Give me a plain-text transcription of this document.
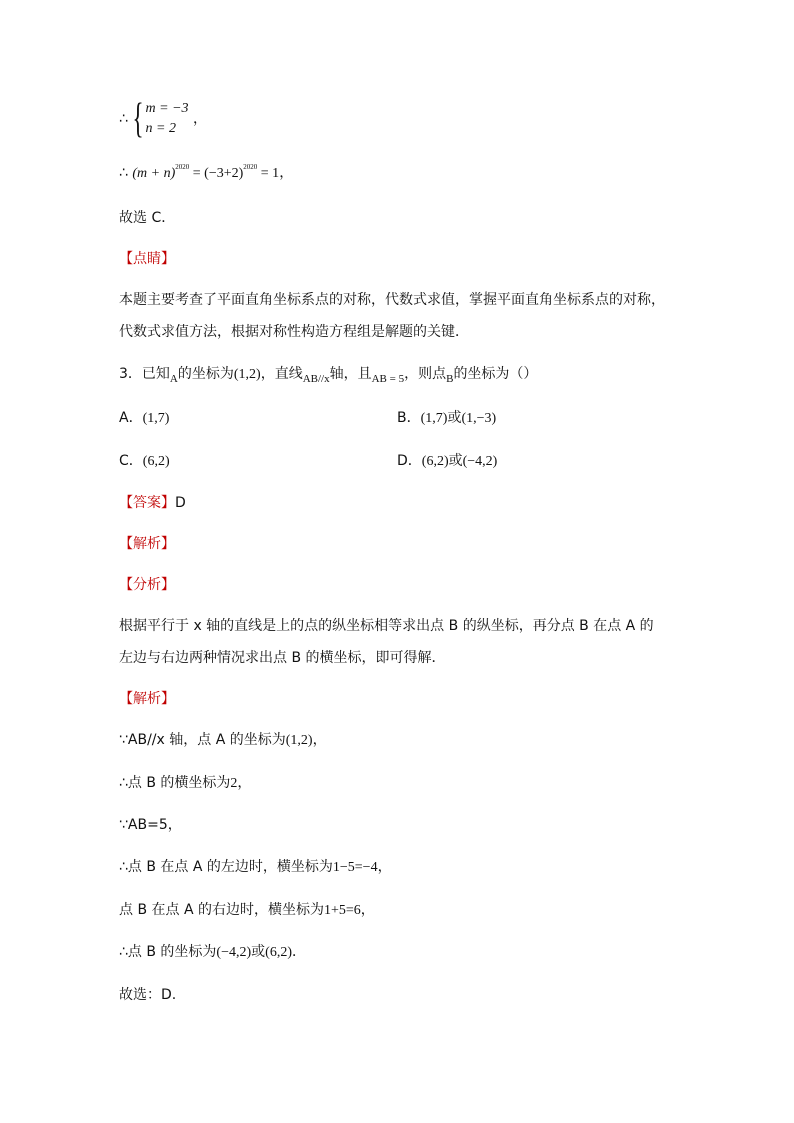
∴ { m = −3
n = 2
，
∴ $(m + n)^{2020} = (-3+2)^{2020} = 1$，
故选 C．
【点睛】
本题主要考查了平面直角坐标系点的对称，代数式求值，掌握平面直角坐标系点的对称，
代数式求值方法，根据对称性构造方程组是解题的关键．
3．已知$_A$的坐标为(1,2)，直线$_{AB//x}$轴，且$_{AB = 5}$，则点$_B$的坐标为（）
A．(1,7)	B．(1,7)或(1,−3)
C．(6,2)	D．(6,2)或(−4,2)
【答案】D
【解析】
【分析】
根据平行于 x 轴的直线是上的点的纵坐标相等求出点 B 的纵坐标，再分点 B 在点 A 的
左边与右边两种情况求出点 B 的横坐标，即可得解．
【解析】
∵AB//x 轴，点 A 的坐标为(1,2)，
∴点 B 的横坐标为2，
∵AB=5，
∴点 B 在点 A 的左边时，横坐标为1−5=−4，
点 B 在点 A 的右边时，横坐标为1+5=6，
∴点 B 的坐标为(−4,2)或(6,2)．
故选：D.
